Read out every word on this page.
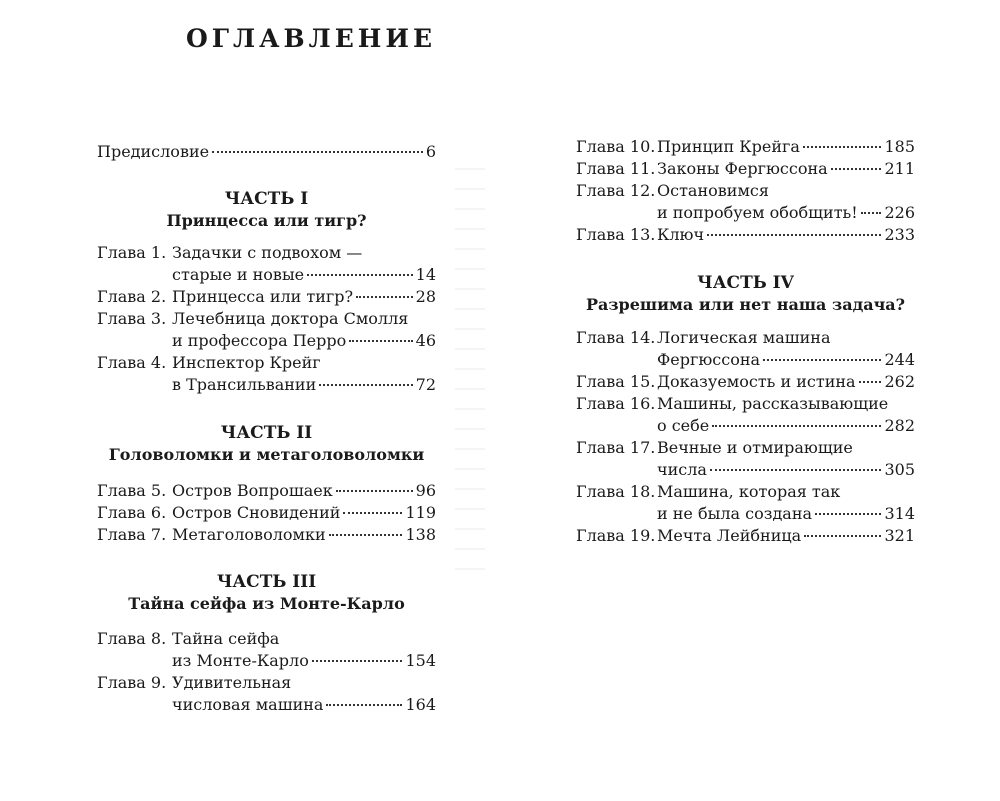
ОГЛАВЛЕНИЕ
Предисловие	6
ЧАСТЬ I
Принцесса или тигр?
Глава 1. Задачки с подвохом —
старые и новые	14
Глава 2. Принцесса или тигр?	28
Глава 3. Лечебница доктора Смолля
и профессора Перро	46
Глава 4. Инспектор Крейг
в Трансильвании	72
ЧАСТЬ II
Головоломки и метаголоволомки
Глава 5. Остров Вопрошаек	96
Глава 6. Остров Сновидений	119
Глава 7. Метаголоволомки	138
ЧАСТЬ III
Тайна сейфа из Монте-Карло
Глава 8. Тайна сейфа
из Монте-Карло	154
Глава 9. Удивительная
числовая машина	164
Глава 10. Принцип Крейга	185
Глава 11. Законы Фергюссона	211
Глава 12. Остановимся
и попробуем обобщить! 226
Глава 13. Ключ	233
ЧАСТЬ IV
Разрешима или нет наша задача?
Глава 14. Логическая машина
Фергюссона	244
Глава 15. Доказуемость и истина 262
Глава 16. Машины, рассказывающие
о себе	282
Глава 17. Вечные и отмирающие
числа	305
Глава 18. Машина, которая так
и не была создана	314
Глава 19. Мечта Лейбница	321
